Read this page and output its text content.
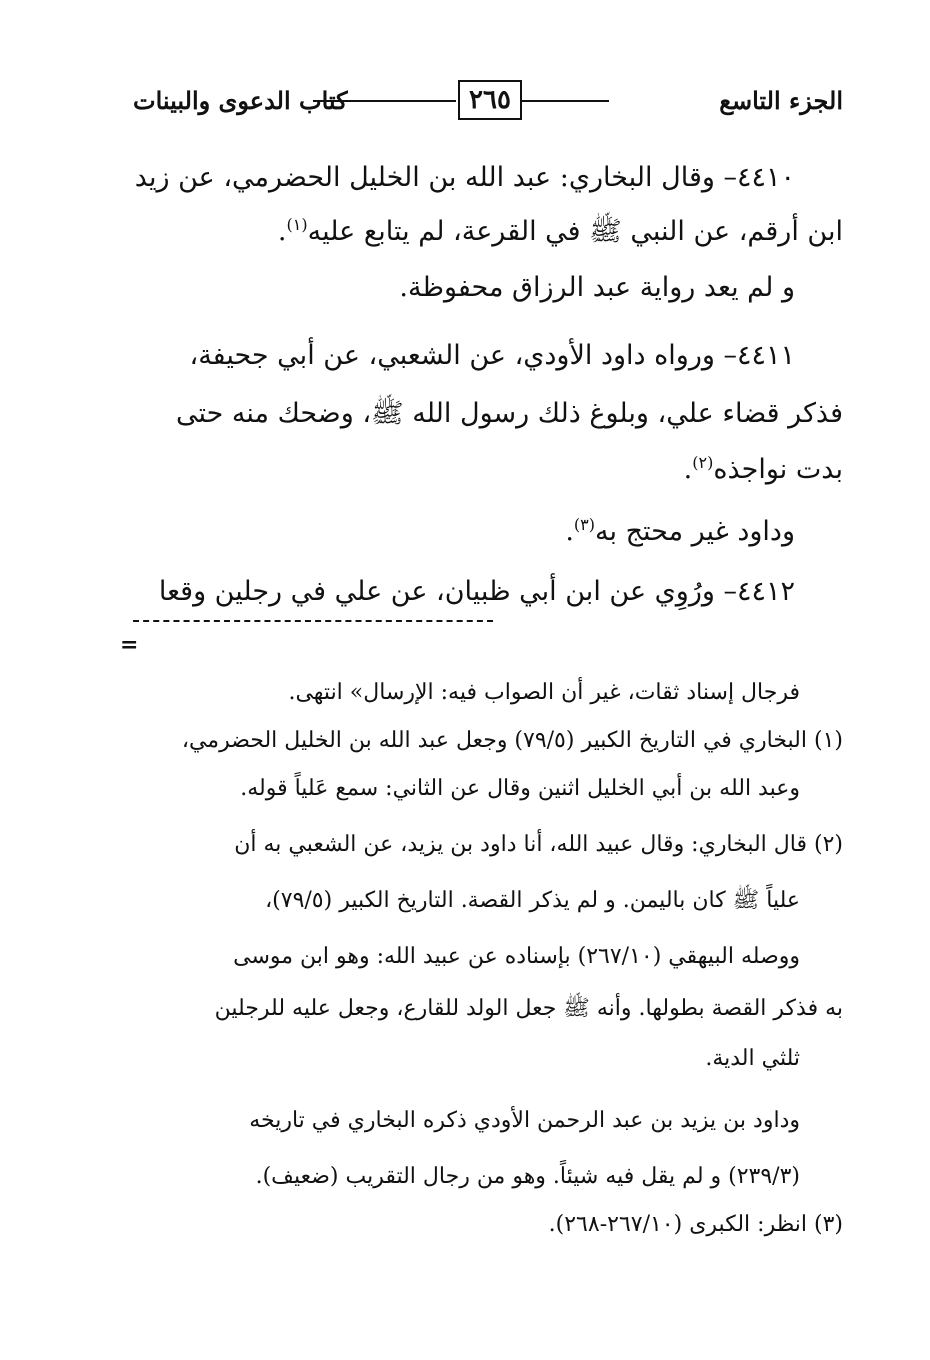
الجزء التاسع
٢٦٥
كتاب الدعوى والبينات
٤٤١٠– وقال البخاري: عبد الله بن الخليل الحضرمي، عن زيد
ابن أرقم، عن النبي ﷺ في القرعة، لم يتابع عليه$^{(١)}$.
و لم يعد رواية عبد الرزاق محفوظة.
٤٤١١– ورواه داود الأودي، عن الشعبي، عن أبي جحيفة،
فذكر قضاء علي، وبلوغ ذلك رسول الله ﷺ، وضحك منه حتى
بدت نواجذه$^{(٢)}$.
وداود غير محتج به$^{(٣)}$.
٤٤١٢– ورُوِي عن ابن أبي ظبيان، عن علي في رجلين وقعا
=
فرجال إسناد ثقات، غير أن الصواب فيه: الإرسال» انتهى.
(١) البخاري في التاريخ الكبير (٧٩/٥) وجعل عبد الله بن الخليل الحضرمي،
وعبد الله بن أبي الخليل اثنين وقال عن الثاني: سمع عَلياً قوله.
(٢) قال البخاري: وقال عبيد الله، أنا داود بن يزيد، عن الشعبي به أن
علياً ﷺ كان باليمن. و لم يذكر القصة. التاريخ الكبير (٧٩/٥)،
ووصله البيهقي (٢٦٧/١٠) بإسناده عن عبيد الله: وهو ابن موسى
به فذكر القصة بطولها. وأنه ﷺ جعل الولد للقارع، وجعل عليه للرجلين
ثلثي الدية.
وداود بن يزيد بن عبد الرحمن الأودي ذكره البخاري في تاريخه
(٢٣٩/٣) و لم يقل فيه شيئاً. وهو من رجال التقريب (ضعيف).
(٣) انظر: الكبرى (٢٦٧/١٠-٢٦٨).
